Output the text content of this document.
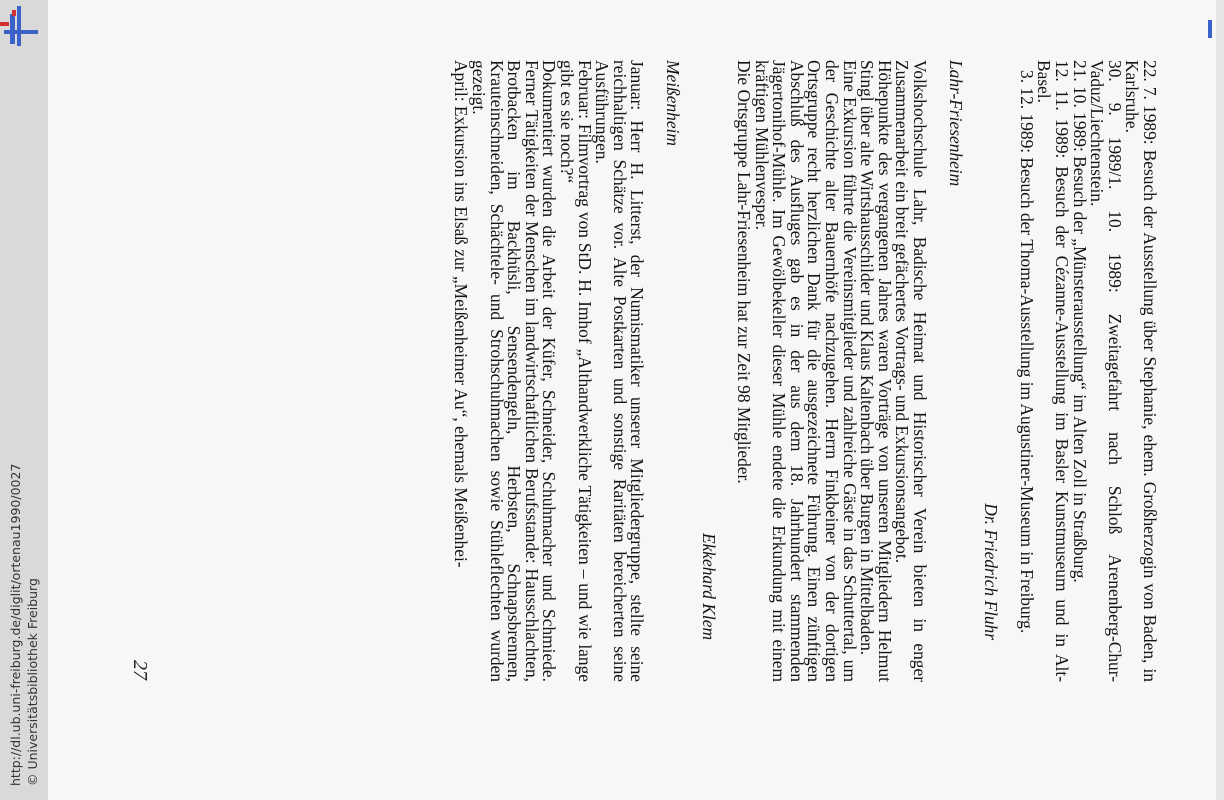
http://dl.ub.uni-freiburg.de/diglit/ortenau1990/0027 © Universitätsbibliothek Freiburg

22. 7. 1989: Besuch der Ausstellung über Stephanie, ehem. Großherzogin von Baden, in Karlsruhe.

30. 9. 1989/1. 10. 1989: Zweitagefahrt nach Schloß Arenenberg-Chur-Vaduz/Liechtenstein.

21. 10. 1989: Besuch der „Münsterausstellung“ im Alten Zoll in Straßburg.

12. 11. 1989: Besuch der Cézanne-Ausstellung im Basler Kunstmuseum und in Alt-Basel.

3. 12. 1989: Besuch der Thoma-Ausstellung im Augustiner-Museum in Freiburg.

Dr. Friedrich Fluhr

Lahr-Friesenheim

Volkshochschule Lahr, Badische Heimat und Historischer Verein bieten in enger Zusammenarbeit ein breit gefächertes Vortrags- und Exkursionsangebot.

Höhepunkte des vergangenen Jahres waren Vorträge von unseren Mitgliedern Helmut Stingl über alte Wirtshausschilder und Klaus Kaltenbach über Burgen in Mittelbaden.

Eine Exkursion führte die Vereinsmitglieder und zahlreiche Gäste in das Schuttertal, um der Geschichte alter Bauernhöfe nachzugehen. Herrn Finkbeiner von der dortigen Ortsgruppe recht herzlichen Dank für die ausgezeichnete Führung. Einen zünftigen Abschluß des Ausfluges gab es in der aus dem 18. Jahrhundert stammenden Jägertonihof-Mühle. Im Gewölbekeller dieser Mühle endete die Erkundung mit einem kräftigen Mühlenvesper.

Die Ortsgruppe Lahr-Friesenheim hat zur Zeit 98 Mitglieder.

Ekkehard Klem

Meißenheim

Januar: Herr H. Litterst, der Numismatiker unserer Mitgliedergruppe, stellte seine reichhaltigen Schätze vor. Alte Postkarten und sonstige Raritäten bereicherten seine Ausführungen.

Februar: Filmvortrag von StD. H. Imhof „Althandwerkliche Tätigkeiten – und wie lange gibt es sie noch?“

Dokumentiert wurden die Arbeit der Küfer, Schneider, Schuhmacher und Schmiede. Ferner Tätigkeiten der Menschen im landwirtschaftlichen Berufsstande: Hausschlachten, Brotbacken im Backhüsli, Sensendengeln, Herbsten, Schnapsbrennen, Krauteinschneiden, Schächtele- und Strohschuhmachen sowie Stühleflechten wurden gezeigt.

April: Exkursion ins Elsaß zur „Meißenheimer Au“, ehemals Meißenhei-

27
